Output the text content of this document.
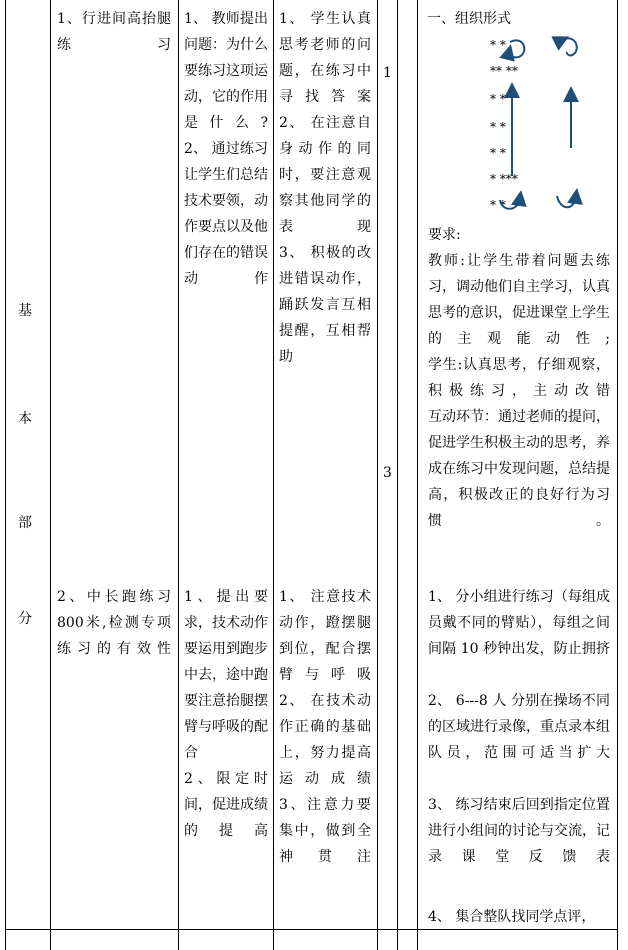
基
本
部
分
1、行进间高抬腿练习
1、 教师提出问题：为什么要练习这项运动，它的作用是什么?
2、 通过练习让学生们总结技术要领，动作要点以及他们存在的错误动作
1、 学生认真思考老师的问题，在练习中寻找答案
2、 在注意自身动作的同时，要注意观察其他同学的表现
3、 积极的改进错误动作，踊跃发言互相提醒，互相帮助
1
3
一、组织形式
* *
** **
* *
* *
* *
* ***
* *
要求:
教师:让学生带着问题去练习，调动他们自主学习，认真思考的意识，促进课堂上学生的主观能动性;
学生:认真思考，仔细观察，积极练习，主动改错
互动环节：通过老师的提问，促进学生积极主动的思考，养成在练习中发现问题，总结提高，积极改正的良好行为习惯。
2、中长跑练习800米,检测专项练习的有效性
1、提出要求，技术动作要运用到跑步中去，途中跑要注意抬腿摆臂与呼吸的配合
2、限定时间，促进成绩的提高
1、 注意技术动作，蹬摆腿到位，配合摆臂与呼吸
2、 在技术动作正确的基础上，努力提高运动成绩
3、注意力要集中，做到全神贯注
1、 分小组进行练习（每组成员戴不同的臂贴），每组之间间隔 10 秒钟出发，防止拥挤
2、 6---8 人 分别在操场不同的区域进行录像，重点录本组队员，范围可适当扩大
3、 练习结束后回到指定位置进行小组间的讨论与交流，记录课堂反馈表
4、 集合整队找同学点评，
